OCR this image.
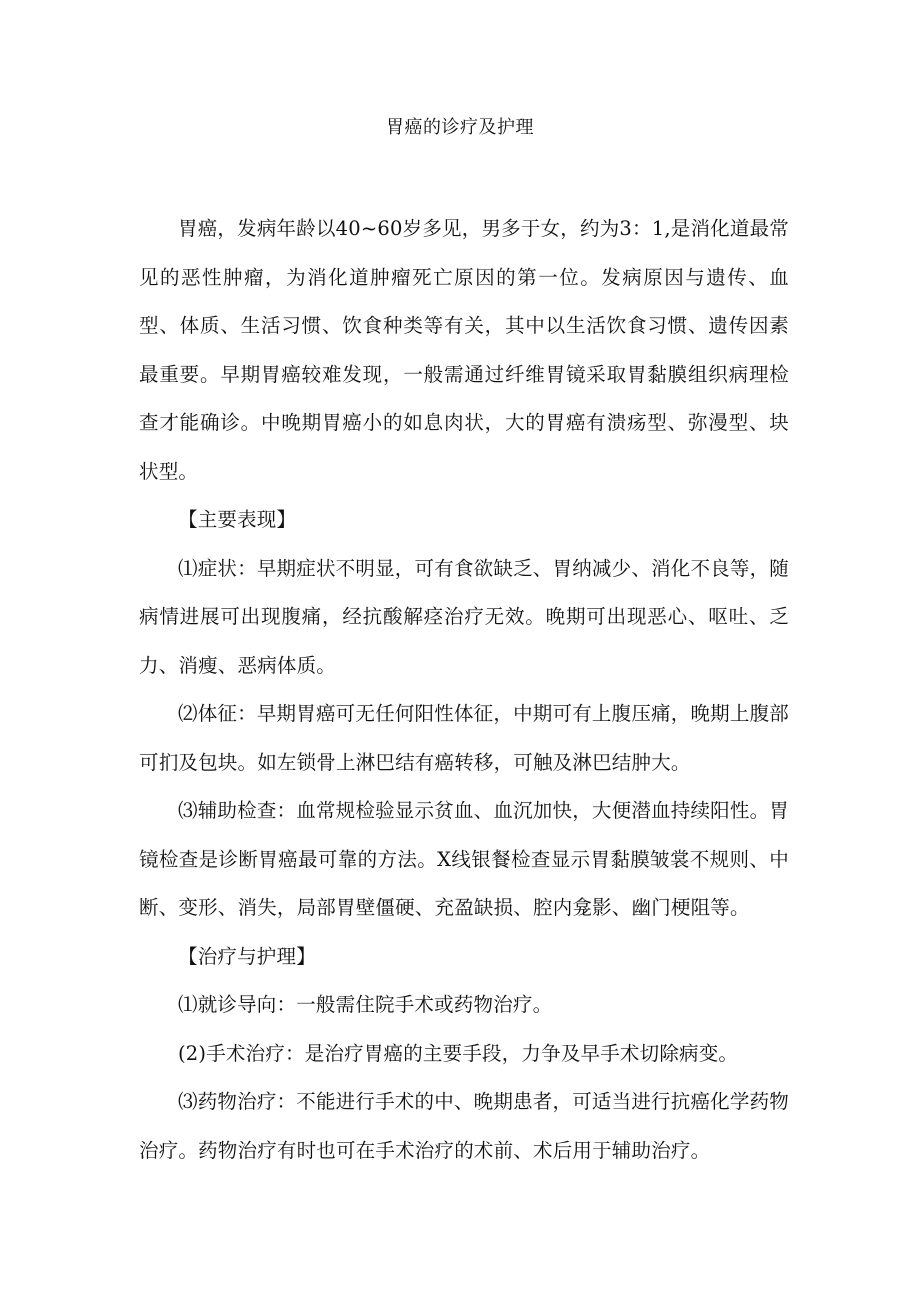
胃癌的诊疗及护理

胃癌，发病年龄以40~60岁多见，男多于女，约为3：1,是消化道最常见的恶性肿瘤，为消化道肿瘤死亡原因的第一位。发病原因与遗传、血型、体质、生活习惯、饮食种类等有关，其中以生活饮食习惯、遗传因素最重要。早期胃癌较难发现，一般需通过纤维胃镜采取胃黏膜组织病理检查才能确诊。中晚期胃癌小的如息肉状，大的胃癌有溃疡型、弥漫型、块状型。

【主要表现】

⑴症状：早期症状不明显，可有食欲缺乏、胃纳减少、消化不良等，随病情进展可出现腹痛，经抗酸解痉治疗无效。晚期可出现恶心、呕吐、乏力、消瘦、恶病体质。

⑵体征：早期胃癌可无任何阳性体征，中期可有上腹压痛，晚期上腹部可扪及包块。如左锁骨上淋巴结有癌转移，可触及淋巴结肿大。

⑶辅助检查：血常规检验显示贫血、血沉加快，大便潜血持续阳性。胃镜检查是诊断胃癌最可靠的方法。X线银餐检查显示胃黏膜皱裳不规则、中断、变形、消失，局部胃壁僵硬、充盈缺损、腔内龛影、幽门梗阻等。

【治疗与护理】

⑴就诊导向：一般需住院手术或药物治疗。

(2)手术治疗：是治疗胃癌的主要手段，力争及早手术切除病变。

⑶药物治疗：不能进行手术的中、晚期患者，可适当进行抗癌化学药物治疗。药物治疗有时也可在手术治疗的术前、术后用于辅助治疗。
